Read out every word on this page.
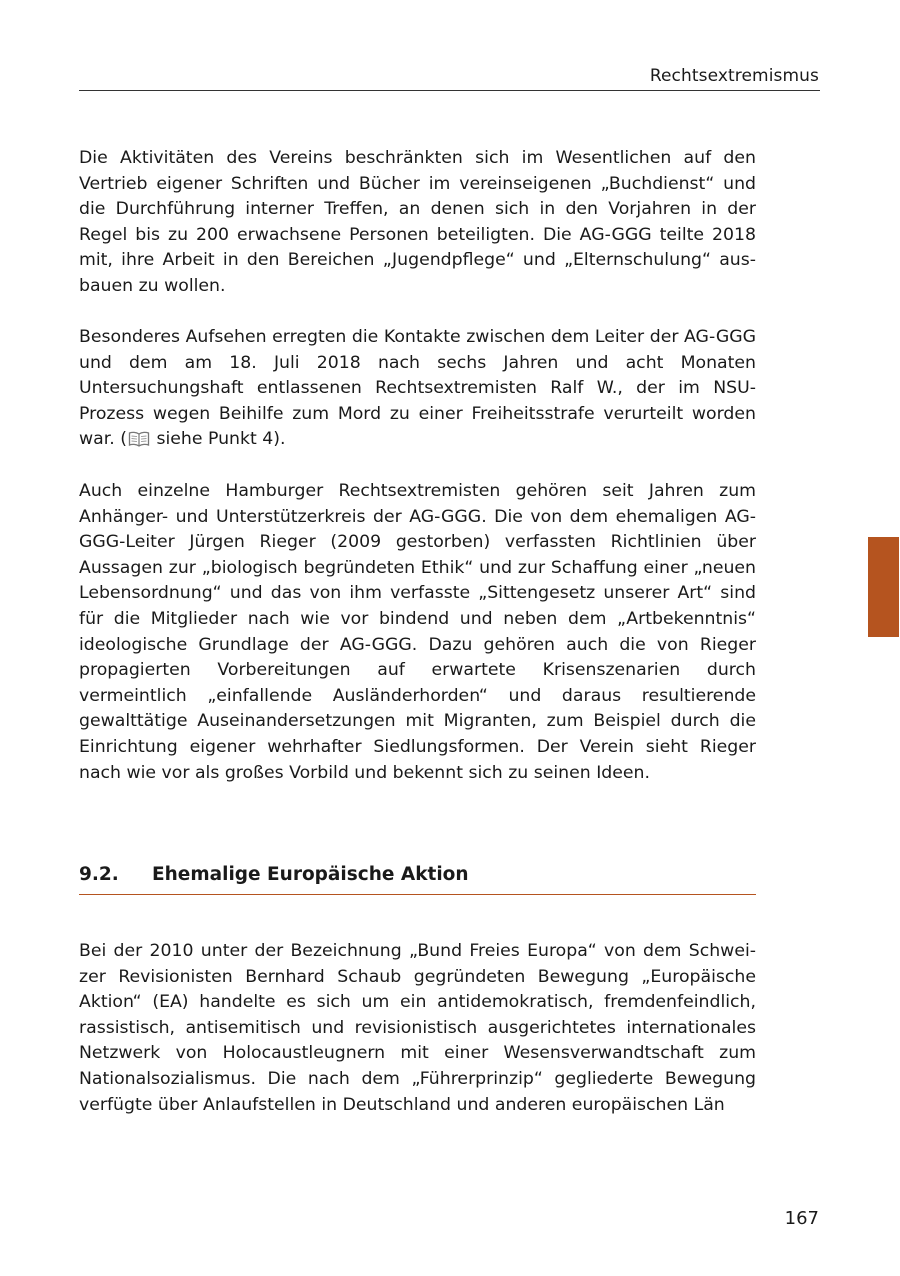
Rechtsextremismus

Die Aktivitäten des Vereins beschränkten sich im Wesentlichen auf den Vertrieb eigener Schriften und Bücher im vereinseigenen „Buchdienst“ und die Durchführung interner Treffen, an denen sich in den Vorjahren in der Regel bis zu 200 erwachsene Personen beteiligten. Die AG-GGG teilte 2018 mit, ihre Arbeit in den Bereichen „Jugendpflege“ und „Elternschulung“ ausbauen zu wollen.

Besonderes Aufsehen erregten die Kontakte zwischen dem Leiter der AG-GGG und dem am 18. Juli 2018 nach sechs Jahren und acht Monaten Untersuchungshaft entlassenen Rechtsextremisten Ralf W., der im NSU-Prozess wegen Beihilfe zum Mord zu einer Freiheitsstrafe verurteilt worden war. ( siehe Punkt 4).

Auch einzelne Hamburger Rechtsextremisten gehören seit Jahren zum Anhänger- und Unterstützerkreis der AG-GGG. Die von dem ehemaligen AG-GGG-Leiter Jürgen Rieger (2009 gestorben) verfassten Richtlinien über Aussagen zur „biologisch begründeten Ethik“ und zur Schaffung einer „neuen Lebensordnung“ und das von ihm verfasste „Sittengesetz unserer Art“ sind für die Mitglieder nach wie vor bindend und neben dem „Artbekenntnis“ ideologische Grundlage der AG-GGG. Dazu gehören auch die von Rieger propagierten Vorbereitungen auf erwartete Krisenszenarien durch vermeintlich „einfallende Ausländerhorden“ und daraus resultierende gewalttätige Auseinandersetzungen mit Migranten, zum Beispiel durch die Einrichtung eigener wehrhafter Siedlungsformen. Der Verein sieht Rieger nach wie vor als großes Vorbild und bekennt sich zu seinen Ideen.

9.2. Ehemalige Europäische Aktion

Bei der 2010 unter der Bezeichnung „Bund Freies Europa“ von dem Schweizer Revisionisten Bernhard Schaub gegründeten Bewegung „Europäische Aktion“ (EA) handelte es sich um ein antidemokratisch, fremdenfeindlich, rassistisch, antisemitisch und revisionistisch ausgerichtetes internationales Netzwerk von Holocaustleugnern mit einer Wesensverwandtschaft zum Nationalsozialismus. Die nach dem „Führerprinzip“ gegliederte Bewegung verfügte über Anlaufstellen in Deutschland und anderen europäischen Län

167
